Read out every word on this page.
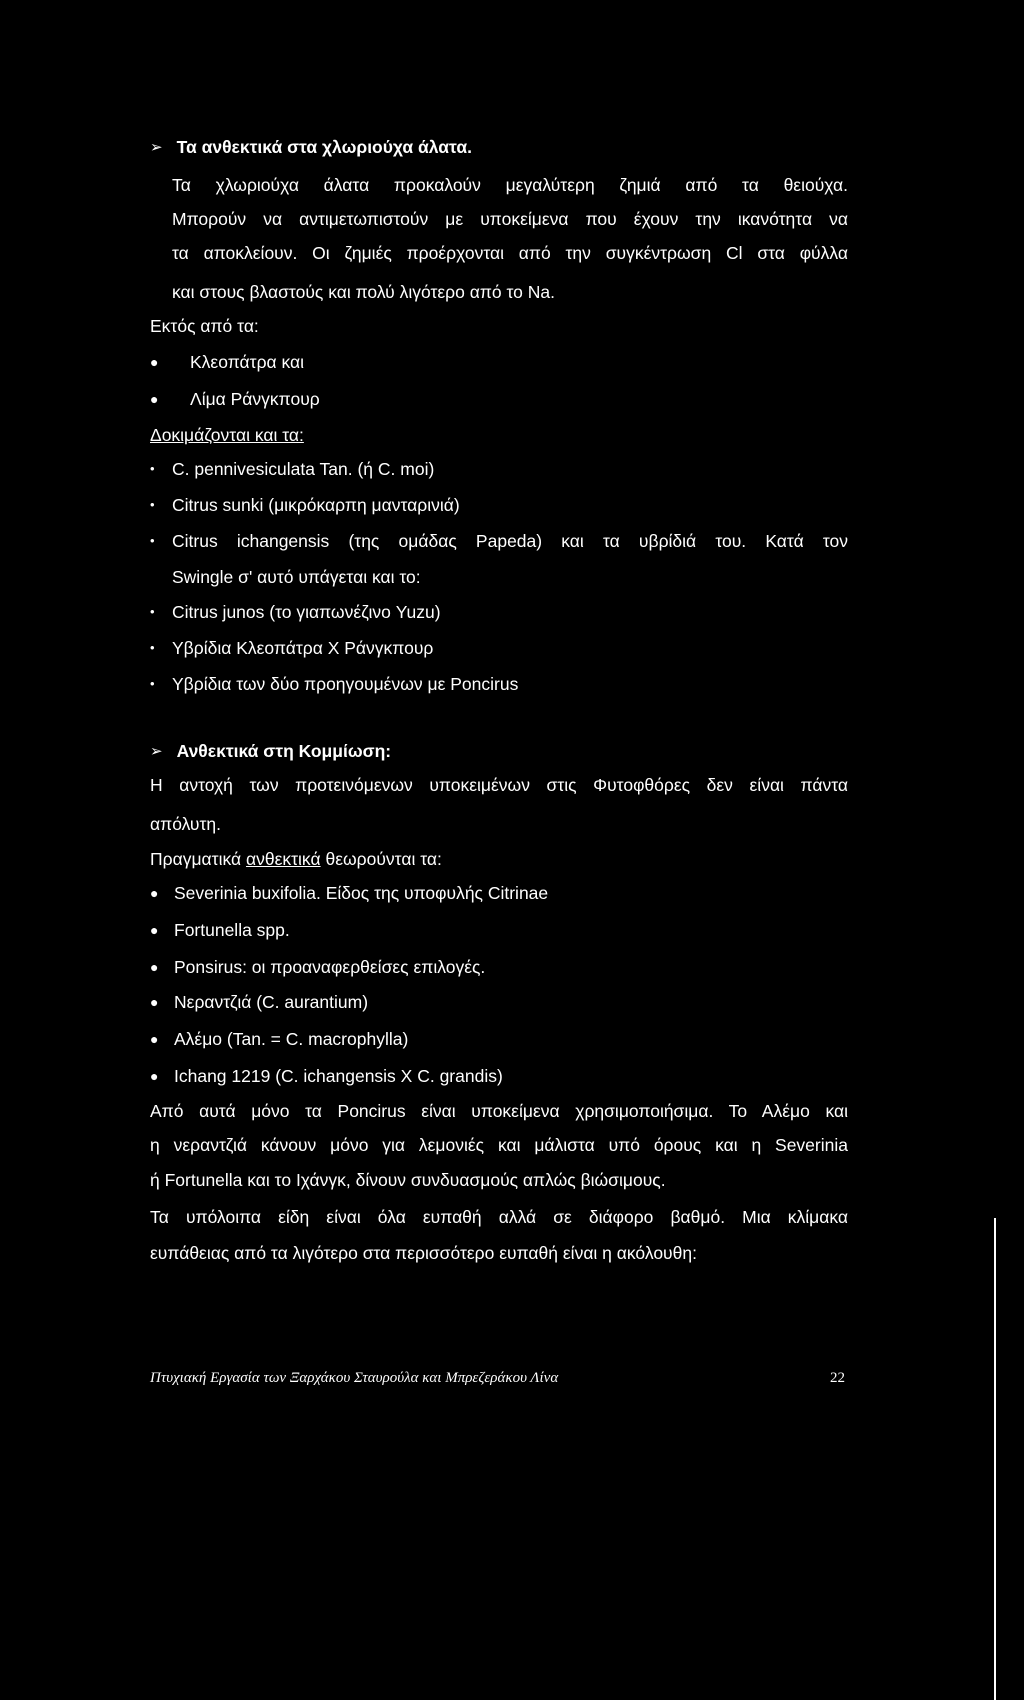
➢ Τα ανθεκτικά στα χλωριούχα άλατα.
Τα χλωριούχα άλατα προκαλούν μεγαλύτερη ζημιά από τα θειούχα.
Μπορούν να αντιμετωπιστούν με υποκείμενα που έχουν την ικανότητα να
τα αποκλείουν. Οι ζημιές προέρχονται από την συγκέντρωση Cl στα φύλλα
και στους βλαστούς και πολύ λιγότερο από το Na.
Εκτός από τα:
● Κλεοπάτρα και
● Λίμα Ράνγκπουρ
Δοκιμάζονται και τα:
• C. pennivesiculata Tan. (ή C. moi)
• Citrus sunki (μικρόκαρπη μανταρινιά)
• Citrus ichangensis (της ομάδας Papeda) και τα υβρίδιά του. Κατά τον
Swingle σ' αυτό υπάγεται και το:
• Citrus junos (το γιαπωνέζινο Yuzu)
• Υβρίδια Κλεοπάτρα Χ Ράνγκπουρ
• Υβρίδια των δύο προηγουμένων με Poncirus
➢ Ανθεκτικά στη Κομμίωση:
Η αντοχή των προτεινόμενων υποκειμένων στις Φυτοφθόρες δεν είναι πάντα
απόλυτη.
Πραγματικά ανθεκτικά θεωρούνται τα:
● Severinia buxifolia. Είδος της υποφυλής Citrinae
● Fortunella spp.
● Ponsirus: οι προαναφερθείσες επιλογές.
● Νεραντζιά (C. aurantium)
● Αλέμο (Tan. = C. macrophylla)
● Ichang 1219 (C. ichangensis X C. grandis)
Από αυτά μόνο τα Poncirus είναι υποκείμενα χρησιμοποιήσιμα. Το Αλέμο και
η νεραντζιά κάνουν μόνο για λεμονιές και μάλιστα υπό όρους και η Severinia
ή Fortunella και το Ιχάνγκ, δίνουν συνδυασμούς απλώς βιώσιμους.
Τα υπόλοιπα είδη είναι όλα ευπαθή αλλά σε διάφορο βαθμό. Μια κλίμακα
ευπάθειας από τα λιγότερο στα περισσότερο ευπαθή είναι η ακόλουθη:
Πτυχιακή Εργασία των Ξαρχάκου Σταυρούλα και Μπρεζεράκου Λίνα	22
